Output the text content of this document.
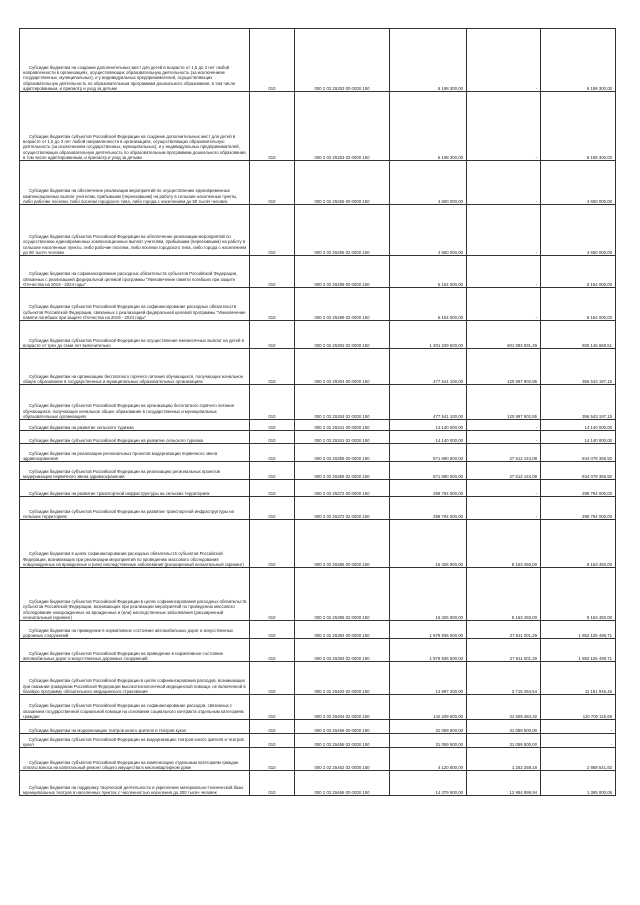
Субсидии бюджетам на создание дополнительных мест для детей в возрасте от 1,5 до 3 лет любой направленности в организациях, осуществляющих образовательную деятельность (за исключением государственных, муниципальных), и у индивидуальных предпринимателей, осуществляющих образовательную деятельность по образовательным программам дошкольного образования, в том числе адаптированным, и присмотр и уход за детьми	010	000 2 02 25253 00 0000 150	6 198 300,00	-	6 198 300,00

Субсидии бюджетам субъектов Российской Федерации на создание дополнительных мест для детей в возрасте от 1,5 до 3 лет любой направленности в организациях, осуществляющих образовательную деятельность (за исключением государственных, муниципальных), и у индивидуальных предпринимателей, осуществляющих образовательную деятельность по образовательным программам дошкольного образования, в том числе адаптированным, и присмотр и уход за детьми	010	000 2 02 25253 02 0000 150	6 198 300,00	-	6 198 300,00

Субсидии бюджетам на обеспечение реализации мероприятий по осуществлению единовременных компенсационных выплат учителям, прибывшим (переехавшим) на работу в сельские населенные пункты, либо рабочие поселки, либо поселки городского типа, либо города с населением до 50 тысяч человек	010	000 2 02 25256 00 0000 150	4 650 000,00	-	4 650 000,00

Субсидии бюджетам субъектов Российской Федерации на обеспечение реализации мероприятий по осуществлению единовременных компенсационных выплат учителям, прибывшим (переехавшим) на работу в сельские населенные пункты, либо рабочие поселки, либо поселки городского типа, либо города с населением до 50 тысяч человек	010	000 2 02 25256 02 0000 150	4 650 000,00	-	4 650 000,00

Субсидии бюджетам на софинансирование расходных обязательств субъектов Российской Федерации, связанных с реализацией федеральной целевой программы "Увековечение памяти погибших при защите Отечества на 2019 - 2024 годы"	010	000 2 02 25299 00 0000 150	6 154 000,00	-	6 154 000,00

Субсидии бюджетам субъектов Российской Федерации на софинансирование расходных обязательств субъектов Российской Федерации, связанных с реализацией федеральной целевой программы "Увековечение памяти погибших при защите Отечества на 2019 - 2024 годы"	010	000 2 02 25299 02 0000 150	6 154 000,00	-	6 154 000,00

Субсидии бюджетам субъектов Российской Федерации на осуществление ежемесячных выплат на детей в возрасте от трех до семи лет включительно	010	000 2 02 25302 02 0000 150	1 201 229 600,00	601 083 931,49	600 145 668,51

Субсидии бюджетам на организацию бесплатного горячего питания обучающихся, получающих начальное общее образование в государственных и муниципальных образовательных организациях	010	000 2 02 25304 00 0000 150	477 541 100,00	120 997 902,85	356 543 197,15

Субсидии бюджетам субъектов Российской Федерации на организацию бесплатного горячего питания обучающихся, получающих начальное общее образование в государственных и муниципальных образовательных организациях	010	000 2 02 25304 02 0000 150	477 541 100,00	120 997 902,85	356 543 197,15

Субсидии бюджетам на развитие сельского туризма	010	000 2 02 25341 00 0000 150	14 140 000,00	-	14 140 000,00

Субсидии бюджетам субъектов Российской Федерации на развитие сельского туризма	010	000 2 02 25341 02 0000 150	14 140 000,00	-	14 140 000,00

Субсидии бюджетам на реализацию региональных проектов модернизации первичного звена здравоохранения	010	000 2 02 25365 00 0000 150	871 690 500,00	27 612 144,08	844 078 355,92

Субсидии бюджетам субъектов Российской Федерации на реализацию региональных проектов модернизации первичного звена здравоохранения	010	000 2 02 25365 02 0000 150	871 690 500,00	27 612 144,08	844 078 355,92

Субсидии бюджетам на развитие транспортной инфраструктуры на сельских территориях	010	000 2 02 25372 00 0000 150	299 794 000,00	-	299 794 000,00

Субсидии бюджетам субъектов Российской Федерации на развитие транспортной инфраструктуры на сельских территориях	010	000 2 02 25372 02 0000 150	299 794 000,00	-	299 794 000,00

Субсидии бюджетам в целях софинансирования расходных обязательств субъектов Российской Федерации, возникающих при реализации мероприятий по проведению массового обследования новорожденных на врожденные и (или) наследственные заболевания (расширенный неонатальный скрининг)	010	000 2 02 25385 00 0000 150	16 326 900,00	8 163 450,00	8 163 450,00

Субсидии бюджетам субъектов Российской Федерации в целях софинансирования расходных обязательств субъектов Российской Федерации, возникающих при реализации мероприятий по проведению массового обследования новорожденных на врожденные и (или) наследственные заболевания (расширенный неонатальный скрининг)	010	000 2 02 25385 02 0000 150	16 326 900,00	8 163 450,00	8 163 450,00

Субсидии бюджетам на приведение в нормативное состояние автомобильных дорог и искусственных дорожных сооружений	010	000 2 02 25394 00 0000 150	1 879 936 500,00	27 811 001,29	1 852 125 498,71

Субсидии бюджетам субъектов Российской Федерации на приведение в нормативное состояние автомобильных дорог и искусственных дорожных сооружений	010	000 2 02 25394 02 0000 150	1 879 936 500,00	27 811 001,29	1 852 125 498,71

Субсидии бюджетам субъектов Российской Федерации в целях софинансирования расходов, возникающих при оказании гражданам Российской Федерации высокотехнологичной медицинской помощи, не включенной в базовую программу обязательного медицинского страхования	010	000 2 02 25402 02 0000 150	14 897 200,00	3 715 254,54	11 181 945,46

Субсидии бюджетам субъектов Российской Федерации на софинансирование расходов, связанных с оказанием государственной социальной помощи на основании социального контракта отдельным категориям граждан	010	000 2 02 25404 02 0000 150	142 209 600,00	31 509 484,32	110 700 115,68

Субсидии бюджетам на модернизацию театров юного зрителя и театров кукол	010	000 2 02 25456 00 0000 150	31 059 500,00	31 059 500,00	-

Субсидии бюджетам субъектов Российской Федерации на модернизацию театров юного зрителя и театров кукол	010	000 2 02 25456 02 0000 150	31 059 500,00	31 059 500,00	-

Субсидии бюджетам субъектов Российской Федерации на компенсацию отдельным категориям граждан оплаты взноса на капитальный ремонт общего имущества в многоквартирном доме	010	000 2 02 25462 02 0000 150	4 120 800,00	1 252 258,18	2 868 541,82

Субсидии бюджетам на поддержку творческой деятельности и укрепление материально-технической базы муниципальных театров в населенных пунктах с численностью населения до 300 тысяч человек	010	000 2 02 25466 00 0000 150	14 379 900,00	12 984 899,94	1 395 000,06
